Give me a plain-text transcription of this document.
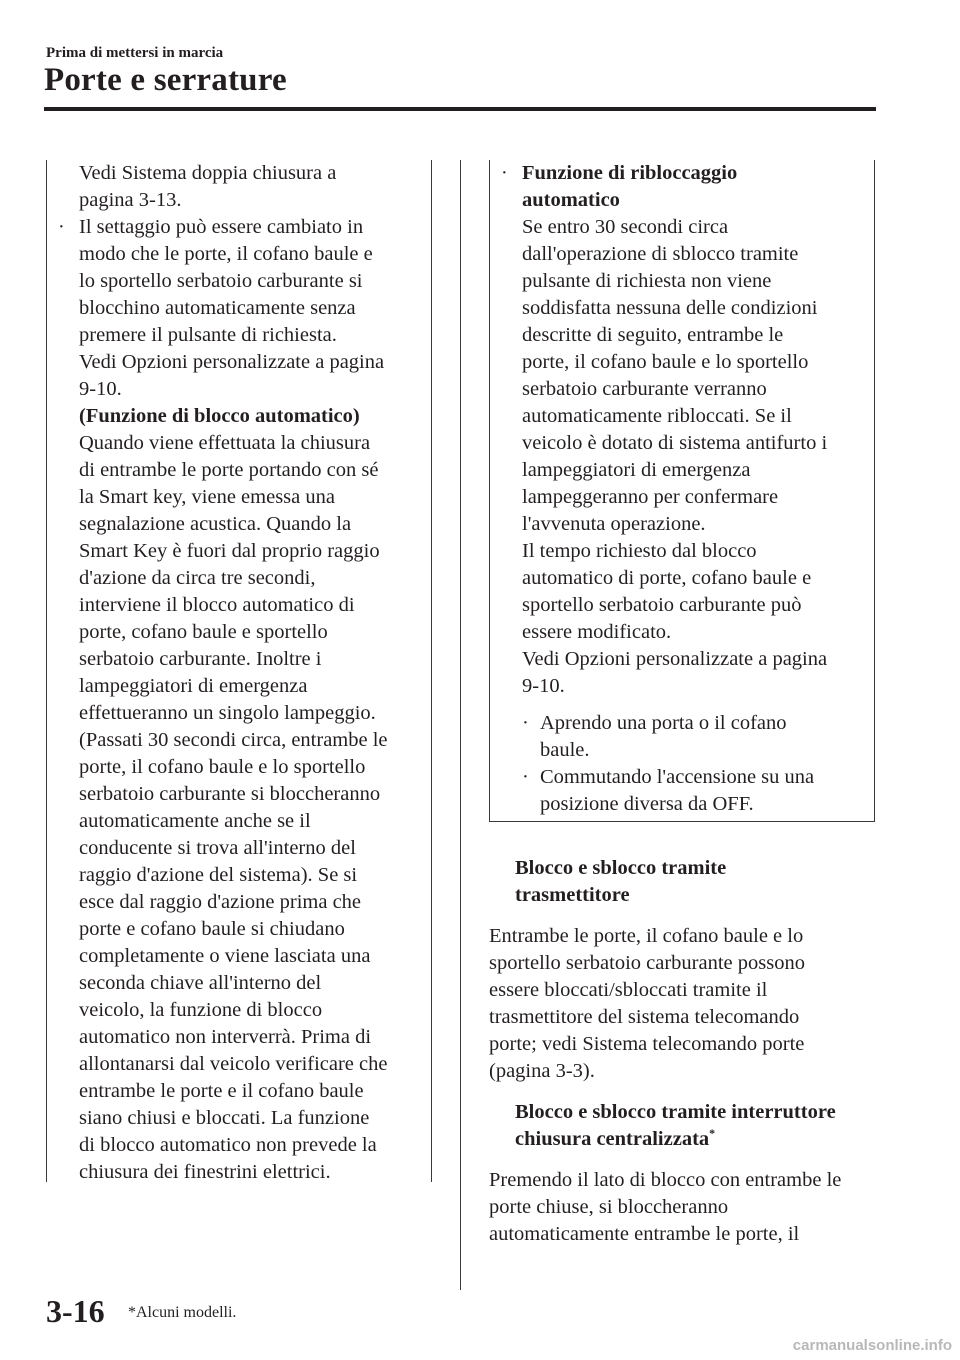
Prima di mettersi in marcia
Porte e serrature

Vedi Sistema doppia chiusura a

pagina 3-13.

· Il settaggio può essere cambiato in

modo che le porte, il cofano baule e

lo sportello serbatoio carburante si

blocchino automaticamente senza

premere il pulsante di richiesta.

Vedi Opzioni personalizzate a pagina

9-10.

(Funzione di blocco automatico)

Quando viene effettuata la chiusura

di entrambe le porte portando con sé

la Smart key, viene emessa una

segnalazione acustica. Quando la

Smart Key è fuori dal proprio raggio

d'azione da circa tre secondi,

interviene il blocco automatico di

porte, cofano baule e sportello

serbatoio carburante. Inoltre i

lampeggiatori di emergenza

effettueranno un singolo lampeggio.

(Passati 30 secondi circa, entrambe le

porte, il cofano baule e lo sportello

serbatoio carburante si bloccheranno

automaticamente anche se il

conducente si trova all'interno del

raggio d'azione del sistema). Se si

esce dal raggio d'azione prima che

porte e cofano baule si chiudano

completamente o viene lasciata una

seconda chiave all'interno del

veicolo, la funzione di blocco

automatico non interverrà. Prima di

allontanarsi dal veicolo verificare che

entrambe le porte e il cofano baule

siano chiusi e bloccati. La funzione

di blocco automatico non prevede la

chiusura dei finestrini elettrici.

· Funzione di ribloccaggio

automatico

Se entro 30 secondi circa

dall'operazione di sblocco tramite

pulsante di richiesta non viene

soddisfatta nessuna delle condizioni

descritte di seguito, entrambe le

porte, il cofano baule e lo sportello

serbatoio carburante verranno

automaticamente ribloccati. Se il

veicolo è dotato di sistema antifurto i

lampeggiatori di emergenza

lampeggeranno per confermare

l'avvenuta operazione.

Il tempo richiesto dal blocco

automatico di porte, cofano baule e

sportello serbatoio carburante può

essere modificato.

Vedi Opzioni personalizzate a pagina

9-10.

· Aprendo una porta o il cofano

baule.

· Commutando l'accensione su una

posizione diversa da OFF.

Blocco e sblocco tramite

trasmettitore

Entrambe le porte, il cofano baule e lo

sportello serbatoio carburante possono

essere bloccati/sbloccati tramite il

trasmettitore del sistema telecomando

porte; vedi Sistema telecomando porte

(pagina 3-3).

Blocco e sblocco tramite interruttore

chiusura centralizzata*

Premendo il lato di blocco con entrambe le

porte chiuse, si bloccheranno

automaticamente entrambe le porte, il

3-16 *Alcuni modelli.
carmanualsonline.info
